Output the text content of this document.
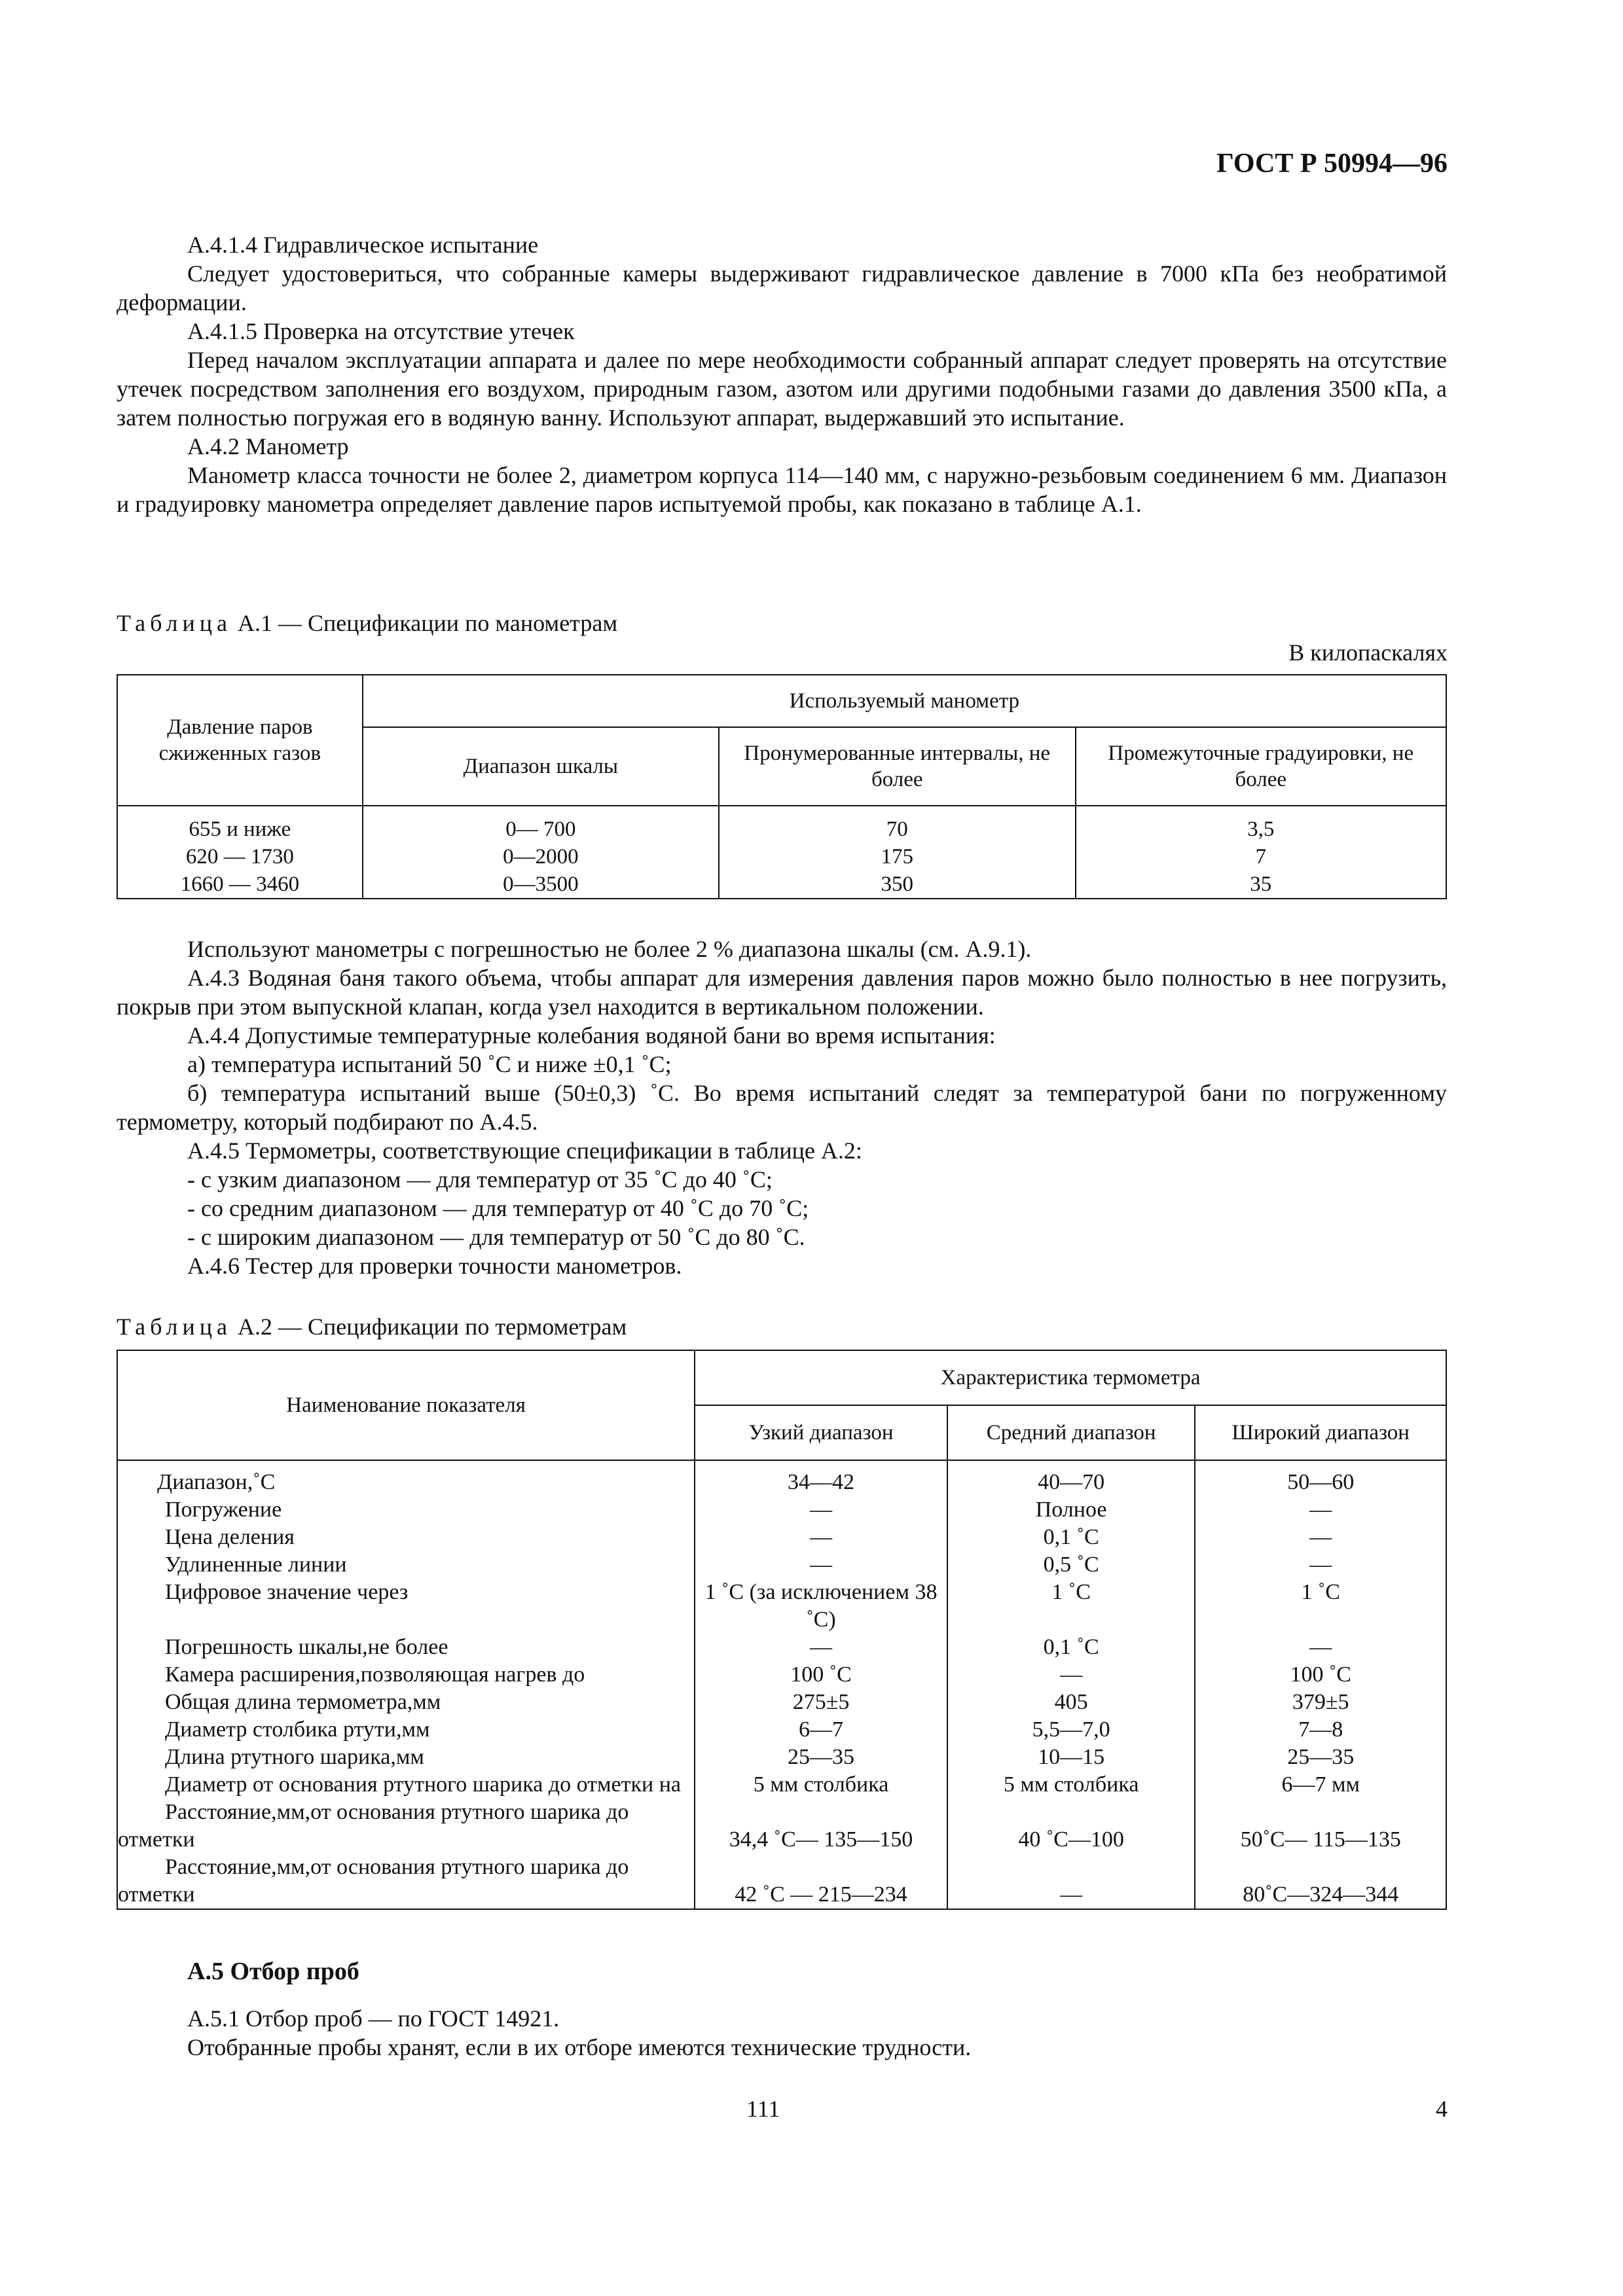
ГОСТ Р 50994—96

A.4.1.4 Гидравлическое испытание

Следует удостовериться, что собранные камеры выдерживают гидравлическое давление в 7000 кПа без необратимой деформации.

A.4.1.5 Проверка на отсутствие утечек

Перед началом эксплуатации аппарата и далее по мере необходимости собранный аппарат следует проверять на отсутствие утечек посредством заполнения его воздухом, природным газом, азотом или другими подобными газами до давления 3500 кПа, а затем полностью погружая его в водяную ванну. Используют аппарат, выдержавший это испытание.

A.4.2 Манометр

Манометр класса точности не более 2, диаметром корпуса 114—140 мм, с наружно-резьбовым соединением 6 мм. Диапазон и градуировку манометра определяет давление паров испытуемой пробы, как показано в таблице А.1.

Таблица А.1 — Спецификации по манометрам
В килопаскалях
Давление паров сжиженных газов	Используемый манометр		
	Диапазон шкалы	Пронумерованные интервалы, не более	Промежуточные градуировки, не более
655 и ниже	0— 700	70	3,5
620 — 1730	0—2000	175	7
1660 — 3460	0—3500	350	35

Используют манометры с погрешностью не более 2 % диапазона шкалы (см. А.9.1).

A.4.3 Водяная баня такого объема, чтобы аппарат для измерения давления паров можно было полностью в нее погрузить, покрыв при этом выпускной клапан, когда узел находится в вертикальном положении.

A.4.4 Допустимые температурные колебания водяной бани во время испытания:

а) температура испытаний 50 ˚С и ниже ±0,1 ˚С;

б) температура испытаний выше (50±0,3) ˚С. Во время испытаний следят за температурой бани по погруженному термометру, который подбирают по А.4.5.

A.4.5 Термометры, соответствующие спецификации в таблице А.2:

- с узким диапазоном — для температур от 35 ˚С до 40 ˚С;

- со средним диапазоном — для температур от 40 ˚С до 70 ˚С;

- с широким диапазоном — для температур от 50 ˚С до 80 ˚С.

A.4.6 Тестер для проверки точности манометров.

Таблица А.2 — Спецификации по термометрам
Наименование показателя	Характеристика термометра		
	Узкий диапазон	Средний диапазон	Широкий диапазон
Диапазон,˚С	34—42	40—70	50—60
Погружение	—	Полное	—
Цена деления	—	0,1 ˚С	—
Удлиненные линии	—	0,5 ˚С	—
Цифровое значение через	1 ˚С (за исключением 38 ˚С)	1 ˚С	1 ˚С
Погрешность шкалы,не более	—	0,1 ˚С	—
Камера расширения,позволяющая нагрев до	100 ˚С	—	100 ˚С
Общая длина термометра,мм	275±5	405	379±5
Диаметр столбика ртути,мм	6—7	5,5—7,0	7—8
Длина ртутного шарика,мм	25—35	10—15	25—35
Диаметр от основания ртутного шарика до отметки на	5 мм столбика	5 мм столбика	6—7 мм
Расстояние,мм,от основания ртутного шарика до отметки	34,4 ˚С— 135—150	40 ˚С—100	50˚С— 115—135
Расстояние,мм,от основания ртутного шарика до отметки	42 ˚С — 215—234	—	80˚С—324—344
А.5 Отбор проб

А.5.1 Отбор проб — по ГОСТ 14921.

Отобранные пробы хранят, если в их отборе имеются технические трудности.

111	4
